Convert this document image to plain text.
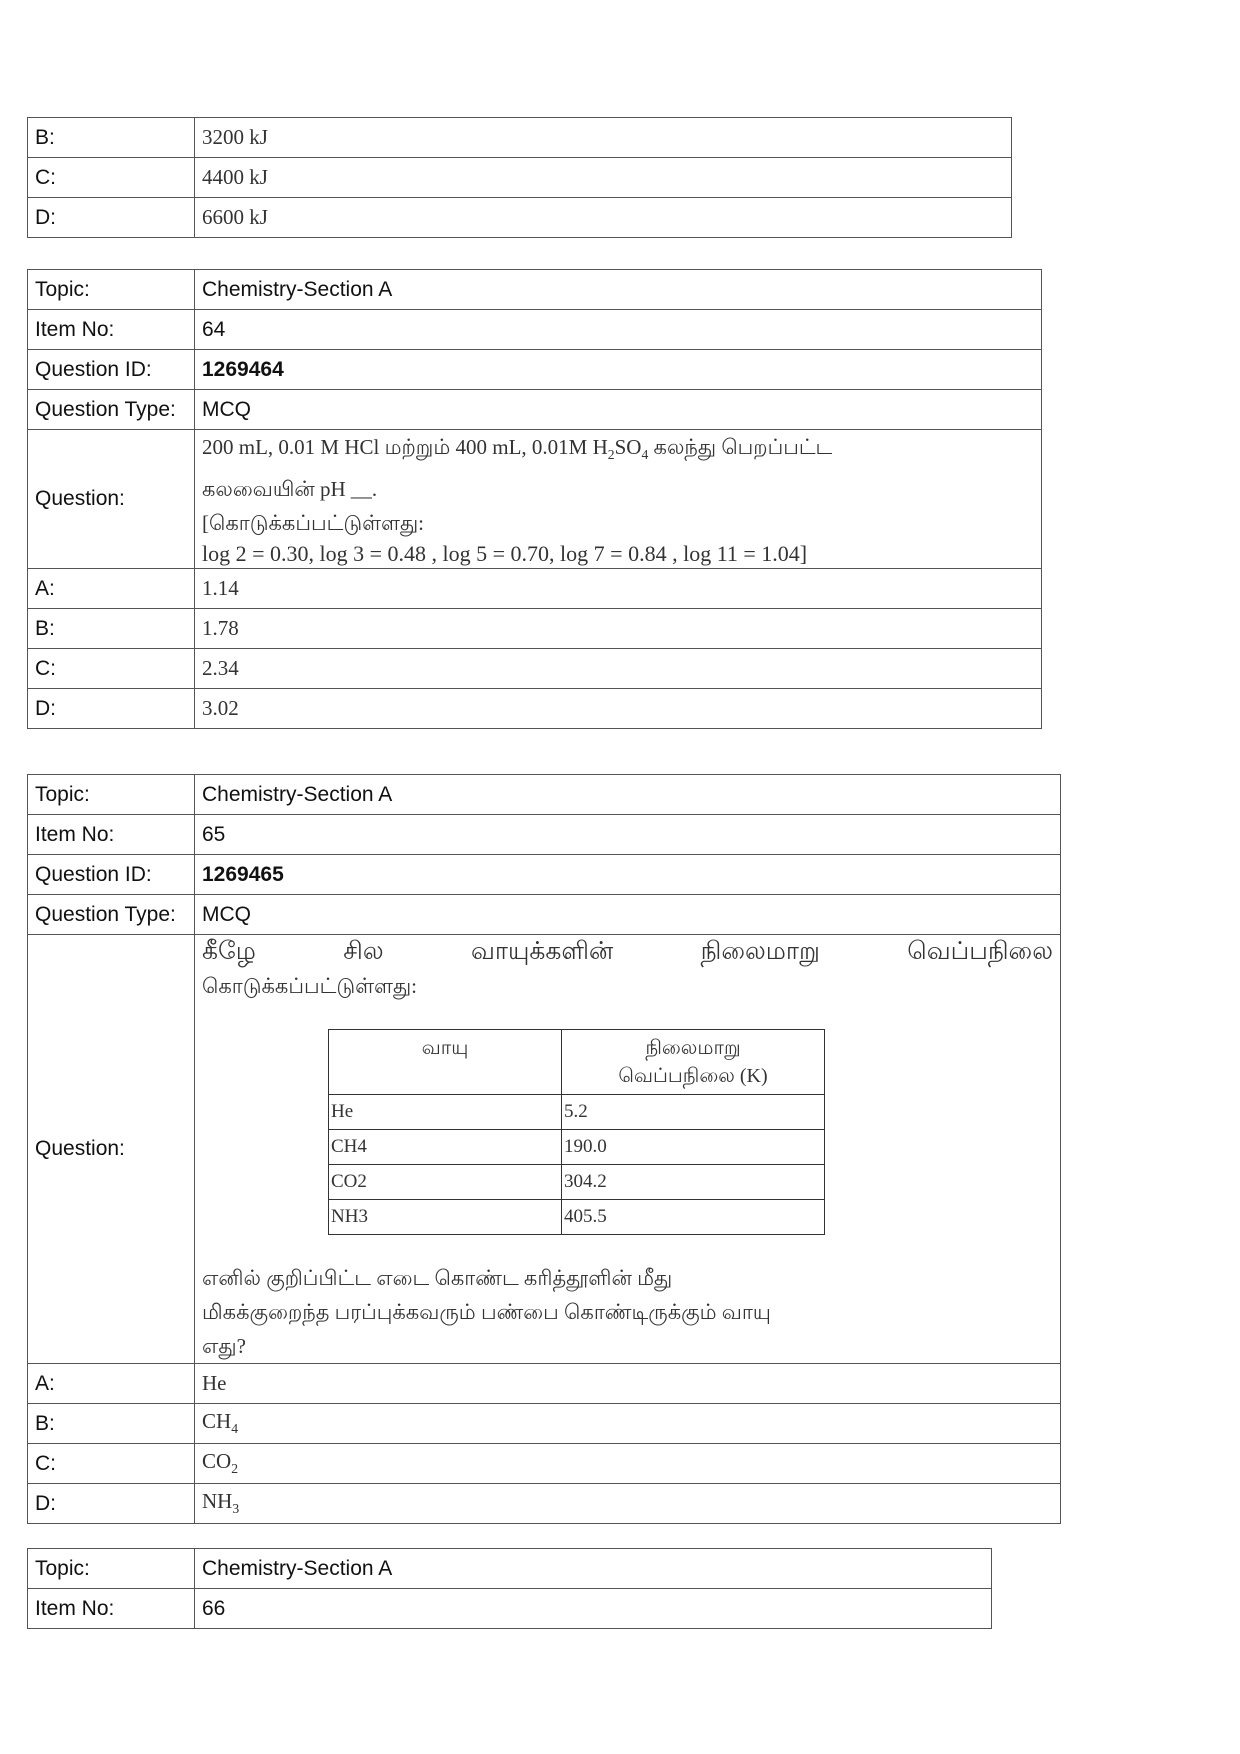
B:	3200 kJ
C:	4400 kJ
D:	6600 kJ
Topic:	Chemistry-Section A
Item No:	64
Question ID:	1269464
Question Type:	MCQ
Question:	200 mL, 0.01 M HCl மற்றும் 400 mL, 0.01M $H_2SO_4$ கலந்து பெறப்பட்ட
கலவையின் pH __.
[கொடுக்கப்பட்டுள்ளது:
log 2 = 0.30, log 3 = 0.48 , log 5 = 0.70, log 7 = 0.84 , log 11 = 1.04]

A:	1.14
B:	1.78
C:	2.34
D:	3.02
Topic:	Chemistry-Section A
Item No:	65
Question ID:	1269465
Question Type:	MCQ
Question:	
கீழே	சில	வாயுக்களின்	நிலைமாறு	வெப்பநிலை
கொடுக்கப்பட்டுள்ளது:
வாயு	நிலைமாறு
வெப்பநிலை (K)

He	5.2
CH4	190.0
CO2	304.2
NH3	405.5
எனில் குறிப்பிட்ட எடை கொண்ட கரித்தூளின் மீது
மிகக்குறைந்த பரப்புக்கவரும் பண்பை கொண்டிருக்கும் வாயு
எது?

A:	He
B:	$CH_4$
C:	$CO_2$
D:	$NH_3$
Topic:	Chemistry-Section A
Item No:	66
